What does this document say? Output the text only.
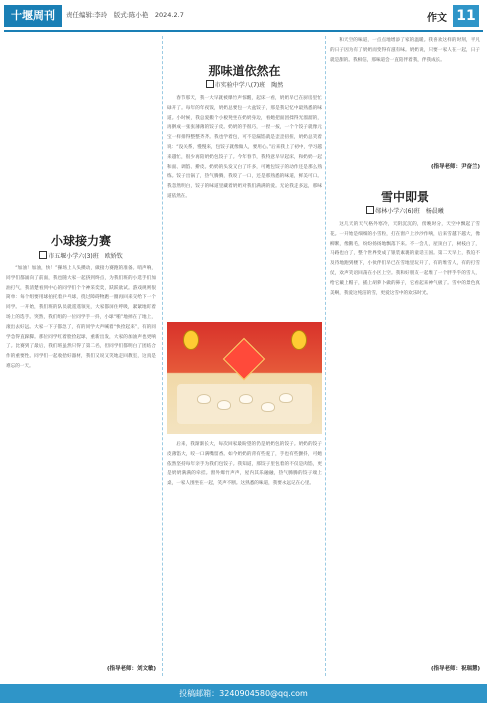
十堰周刊	责任编辑:李玲　版式:陈小艳　2024.2.7	作文 11
小球接力赛
市五堰小学六(3)班　欧娇钦

“加油！加油，快！”操场上人头攒动，做接力赛跑的准备。哨声响，同学们都涌向了前面，我也随大家一起挤到终点，为我们班的小选手们加油打气，我清楚看到中心的同学们个个神采奕奕，跃跃欲试。游戏规则很简单：每个组要用球拍托着乒乓球，绕过障碍物跑一圈再回来交给下一个同学。一开始，我们班的队员就遥遥领先，大家都屏住呼吸，紧紧地盯着场上的选手。突然，我们组的一位同学手一抖，小球“啪”地掉在了地上，滚出去好远。大家一下子都急了，有的同学大声喊着“快捡起来”，有的同学急得直跺脚。那位同学红着脸捡起球，重新出发，大家的加油声也更响了。比赛到了最后，我们班虽然只得了第二名，但同学们都明白了团结合作的重要性。同学们一起收拾好器材，我们又说又笑地走回教室，这真是难忘的一天。

(指导老师：刘文敏)
那味道依然在
市实验中学八(7)班　陶然

春节那天，我一大早就被爆竹声惊醒，起床一看，奶奶早已在厨房里忙碌开了。每年的年夜饭，奶奶总要包一大盆饺子，那是我记忆中最熟悉的味道。小时候，我总爱搬个小板凳坐在奶奶身边，看她把面团揉得光溜溜的，再擀成一张张薄薄的饺子皮。奶奶的手很巧，一捏一按，一个个饺子就像元宝一样排得整整齐齐。我也学着包，可不是漏馅就是歪歪扭扭，奶奶总笑着说：“没关系，慢慢来，包饺子就像做人，要用心。”后来我上了初中，学习越来越忙，很少再陪奶奶包饺子了。今年春节，我特意早早起床，和奶奶一起和面、调馅、擀皮。奶奶的头发又白了许多，可她包饺子的动作还是那么熟练。饺子出锅了，热气腾腾，我咬了一口，还是那熟悉的味道，鲜美可口。我忽然明白，饺子的味道里藏着奶奶对我们满满的爱。无论我走多远，那味道依然在。

后来，我渐渐长大，每次回家最盼望的仍是奶奶包的饺子。奶奶的饺子皮薄馅大，咬一口满嘴留香。如今奶奶的背有些驼了，手也有些颤抖，可她依然坚持每年亲手为我们包饺子。我知道，那饺子里包着的不仅是肉馅，更是奶奶满满的牵挂。窗外爆竹声声，屋内其乐融融，热气腾腾的饺子端上桌，一家人围坐在一起，笑声不断。这熟悉的味道，我要永远记在心里。

和天空的味道，一点点地增添了家的温暖。我喜欢这样的时刻，平凡的日子因为有了奶奶而变得有滋有味。奶奶说，只要一家人在一起，日子就是甜的。我相信，那味道会一直陪伴着我，伴我成长。

(指导老师：尹奋兰)
雪中即景
郧林小学六(6)班　杨晨曦

这几天的天气格外寒冷，天阴沉沉的，傍晚时分，天空中飘起了雪花。一开始是细细的小雪粒，打在窗户上沙沙作响，后来雪越下越大，像柳絮，像鹅毛，纷纷扬扬地飘落下来。不一会儿，屋顶白了，树枝白了，马路也白了，整个世界变成了银装素裹的童话王国。第二天早上，我迫不及待地跑到楼下，小伙伴们早已在雪地里玩开了，有的堆雪人，有的打雪仗，欢声笑语回荡在小区上空。我和好朋友一起堆了一个胖乎乎的雪人，给它戴上帽子，插上胡萝卜做的鼻子，它看起来神气极了。雪中的景色真美啊，我爱这纯洁的雪，更爱这雪中的欢乐时光。

(指导老师：祝瑞慧)
投稿邮箱：3240904580@qq.com
